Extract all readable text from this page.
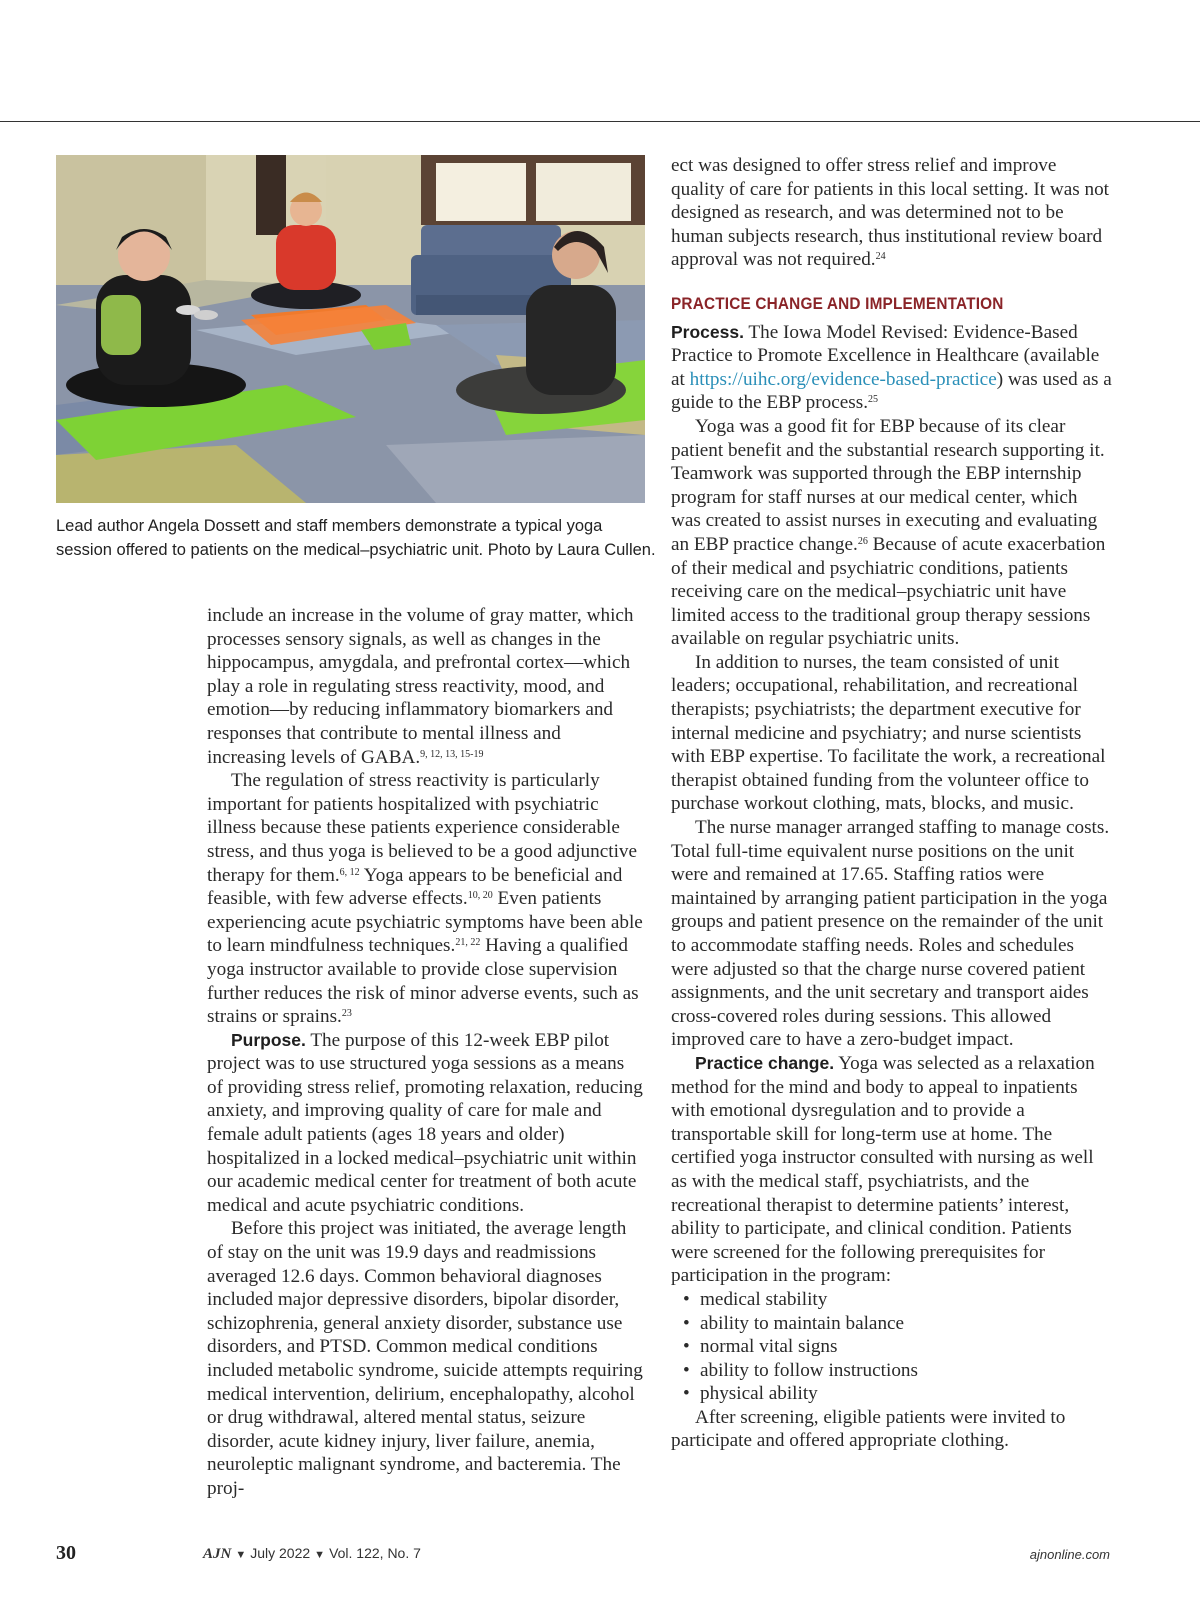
Lead author Angela Dossett and staff members demonstrate a typical yoga session offered to patients on the medical–psychiatric unit. Photo by Laura Cullen.

include an increase in the volume of gray matter, which processes sensory signals, as well as changes in the hippocampus, amygdala, and prefrontal cortex—which play a role in regulating stress reactivity, mood, and emotion—by reducing inflammatory biomarkers and responses that contribute to mental illness and increasing levels of GABA.$^{9, 12, 13, 15-19}$

The regulation of stress reactivity is particularly important for patients hospitalized with psychiatric illness because these patients experience considerable stress, and thus yoga is believed to be a good adjunctive therapy for them.$^{6, 12}$ Yoga appears to be beneficial and feasible, with few adverse effects.$^{10, 20}$ Even patients experiencing acute psychiatric symptoms have been able to learn mindfulness techniques.$^{21, 22}$ Having a qualified yoga instructor available to provide close supervision further reduces the risk of minor adverse events, such as strains or sprains.$^{23}$

Purpose. The purpose of this 12-week EBP pilot project was to use structured yoga sessions as a means of providing stress relief, promoting relaxation, reducing anxiety, and improving quality of care for male and female adult patients (ages 18 years and older) hospitalized in a locked medical–psychiatric unit within our academic medical center for treatment of both acute medical and acute psychiatric conditions.

Before this project was initiated, the average length of stay on the unit was 19.9 days and readmissions averaged 12.6 days. Common behavioral diagnoses included major depressive disorders, bipolar disorder, schizophrenia, general anxiety disorder, substance use disorders, and PTSD. Common medical conditions included metabolic syndrome, suicide attempts requiring medical intervention, delirium, encephalopathy, alcohol or drug withdrawal, altered mental status, seizure disorder, acute kidney injury, liver failure, anemia, neuroleptic malignant syndrome, and bacteremia. The proj-

ect was designed to offer stress relief and improve quality of care for patients in this local setting. It was not designed as research, and was determined not to be human subjects research, thus institutional review board approval was not required.$^{24}$

PRACTICE CHANGE AND IMPLEMENTATION

Process. The Iowa Model Revised: Evidence-Based Practice to Promote Excellence in Healthcare (available at https://uihc.org/evidence-based-practice) was used as a guide to the EBP process.$^{25}$

Yoga was a good fit for EBP because of its clear patient benefit and the substantial research supporting it. Teamwork was supported through the EBP internship program for staff nurses at our medical center, which was created to assist nurses in executing and evaluating an EBP practice change.$^{26}$ Because of acute exacerbation of their medical and psychiatric conditions, patients receiving care on the medical–psychiatric unit have limited access to the traditional group therapy sessions available on regular psychiatric units.

In addition to nurses, the team consisted of unit leaders; occupational, rehabilitation, and recreational therapists; psychiatrists; the department executive for internal medicine and psychiatry; and nurse scientists with EBP expertise. To facilitate the work, a recreational therapist obtained funding from the volunteer office to purchase workout clothing, mats, blocks, and music.

The nurse manager arranged staffing to manage costs. Total full-time equivalent nurse positions on the unit were and remained at 17.65. Staffing ratios were maintained by arranging patient participation in the yoga groups and patient presence on the remainder of the unit to accommodate staffing needs. Roles and schedules were adjusted so that the charge nurse covered patient assignments, and the unit secretary and transport aides cross-covered roles during sessions. This allowed improved care to have a zero-budget impact.

Practice change. Yoga was selected as a relaxation method for the mind and body to appeal to inpatients with emotional dysregulation and to provide a transportable skill for long-term use at home. The certified yoga instructor consulted with nursing as well as with the medical staff, psychiatrists, and the recreational therapist to determine patients’ interest, ability to participate, and clinical condition. Patients were screened for the following prerequisites for participation in the program:

• medical stability
• ability to maintain balance
• normal vital signs
• ability to follow instructions
• physical ability

After screening, eligible patients were invited to participate and offered appropriate clothing.

30	AJN ▼ July 2022 ▼ Vol. 122, No. 7	ajnonline.com
